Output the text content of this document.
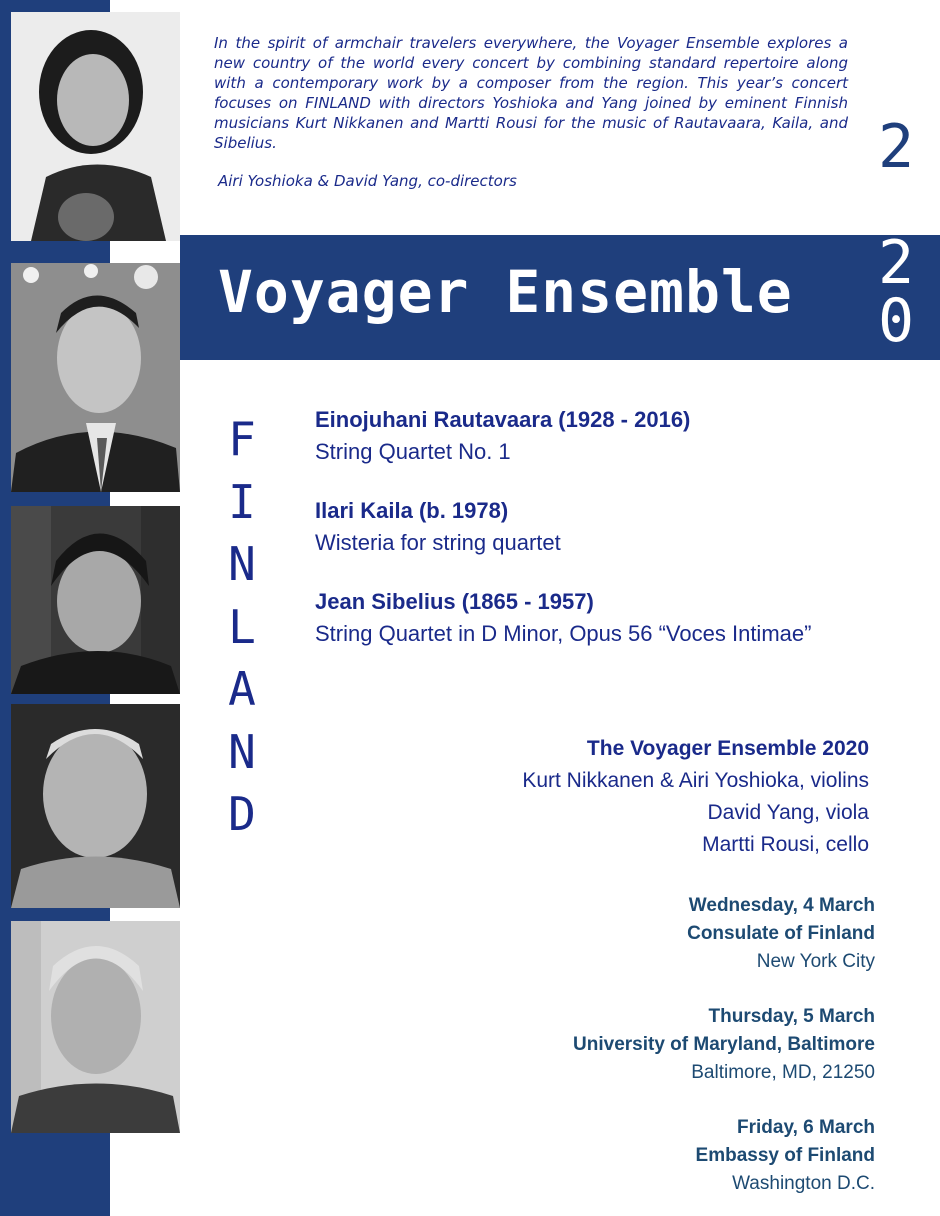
In the spirit of armchair travelers everywhere, the Voyager Ensemble explores a new country of the world every concert by combining standard repertoire along with a contemporary work by a composer from the region. This year’s concert focuses on FINLAND with directors Yoshioka and Yang joined by eminent Finnish musicians Kurt Nikkanen and Martti Rousi for the music of Rautavaara, Kaila, and Sibelius.

Airi Yoshioka & David Yang, co-directors

Voyager Ensemble
2
0
2
0
F
I
N
L
A
N
D
Einojuhani Rautavaara (1928 - 2016)
String Quartet No. 1
Ilari Kaila (b. 1978)
Wisteria for string quartet
Jean Sibelius (1865 - 1957)
String Quartet in D Minor, Opus 56 “Voces Intimae”
The Voyager Ensemble 2020
Kurt Nikkanen & Airi Yoshioka, violins
David Yang, viola
Martti Rousi, cello
Wednesday, 4 March
Consulate of Finland
New York City
Thursday, 5 March
University of Maryland, Baltimore
Baltimore, MD, 21250
Friday, 6 March
Embassy of Finland
Washington D.C.
